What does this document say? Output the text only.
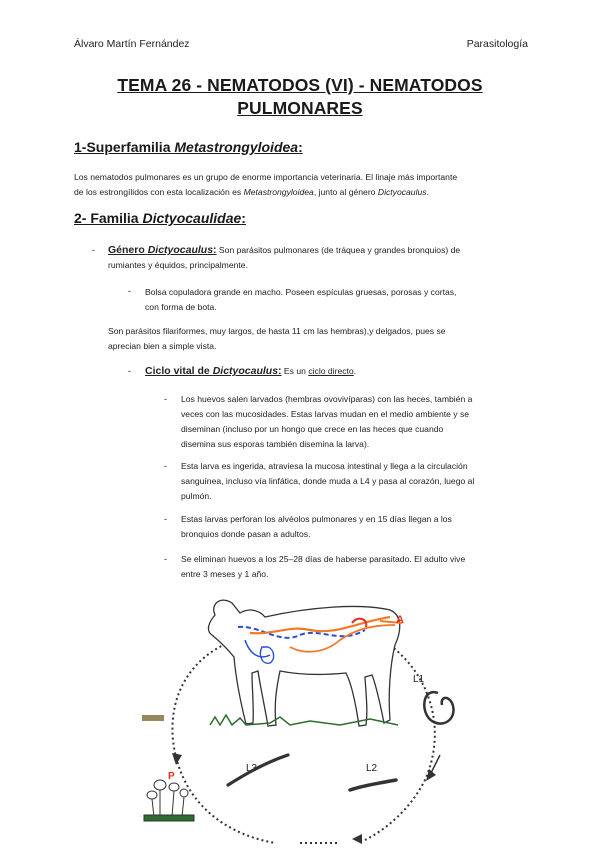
Álvaro Martín Fernández	Parasitología
TEMA 26 - NEMATODOS (VI) - NEMATODOS
PULMONARES
1-Superfamilia Metastrongyloidea:
Los nematodos pulmonares es un grupo de enorme importancia veterinaria. El linaje más importante
de los estrongílidos con esta localización es Metastrongyloidea, junto al género Dictyocaulus.
2- Familia Dictyocaulidae:
- Género Dictyocaulus: Son parásitos pulmonares (de tráquea y grandes bronquios) de
rumiantes y équidos, principalmente.
- Bolsa copuladora grande en macho. Poseen espículas gruesas, porosas y cortas,
con forma de bota.
Son parásitos filariformes, muy largos, de hasta 11 cm las hembras),y delgados, pues se
aprecian bien a simple vista.
- Ciclo vital de Dictyocaulus: Es un ciclo directo.
- Los huevos salen larvados (hembras ovovivíparas) con las heces, también a
veces con las mucosidades. Estas larvas mudan en el medio ambiente y se
diseminan (incluso por un hongo que crece en las heces que cuando
disemina sus esporas también disemina la larva).
- Esta larva es ingerida, atraviesa la mucosa intestinal y llega a la circulación
sanguínea, incluso vía linfática, donde muda a L4 y pasa al corazón, luego al
pulmón.
- Estas larvas perforan los alvéolos pulmonares y en 15 días llegan a los
bronquios donde pasan a adultos.
- Se eliminan huevos a los 25–28 días de haberse parasitado. El adulto vive
entre 3 meses y 1 año.
A
L1
L2
L3
P
